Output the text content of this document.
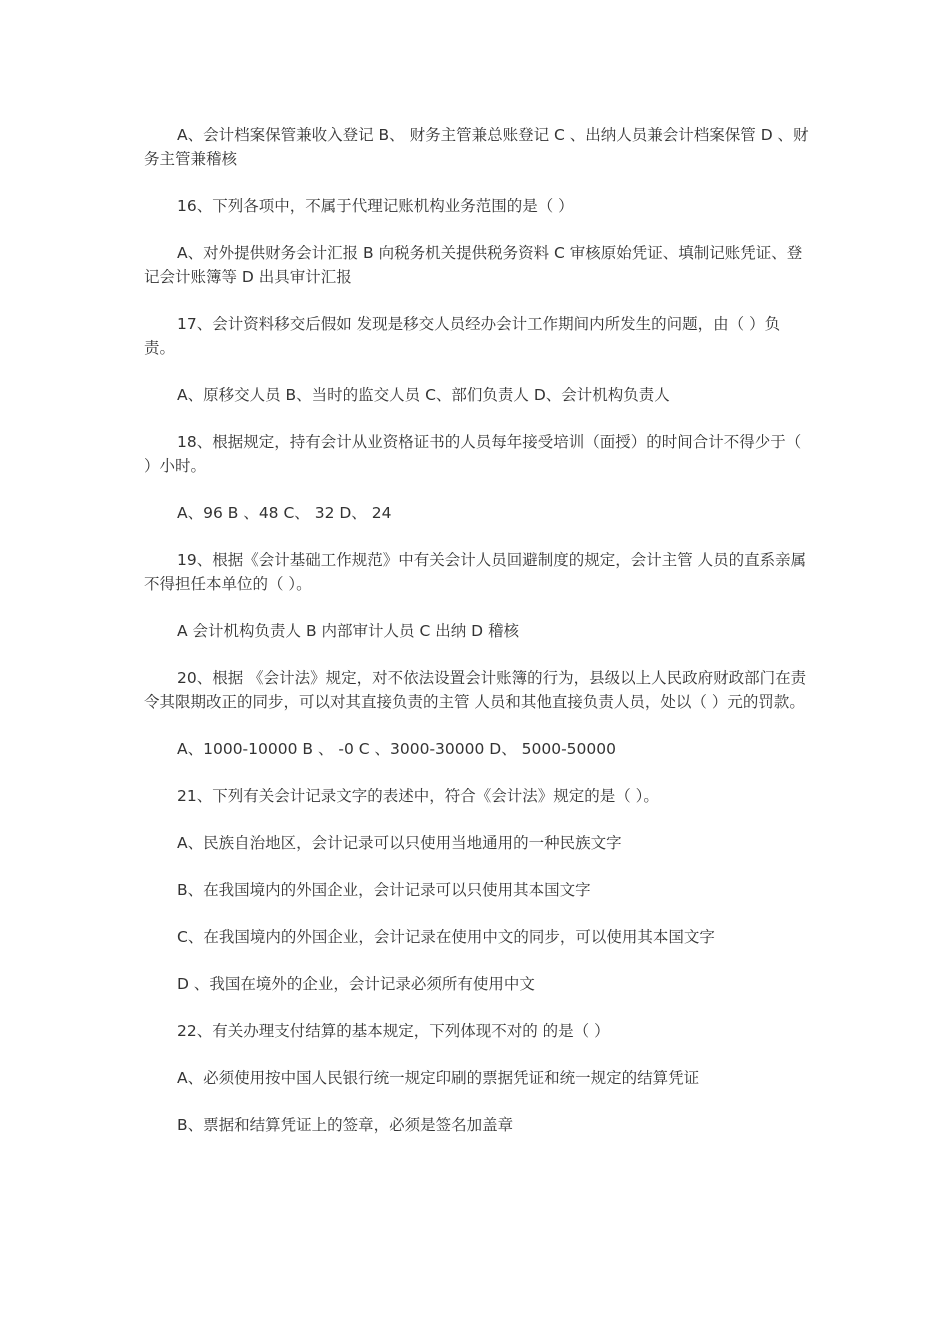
A、会计档案保管兼收入登记 B、 财务主管兼总账登记 C 、出纳人员兼会计档案保管 D 、财务主管兼稽核

16、下列各项中，不属于代理记账机构业务范围的是（ ）

A、对外提供财务会计汇报 B 向税务机关提供税务资料 C 审核原始凭证、填制记账凭证、登记会计账簿等 D 出具审计汇报

17、会计资料移交后假如 发现是移交人员经办会计工作期间内所发生的问题，由（ ）负责。

A、原移交人员 B、当时的监交人员 C、部们负责人 D、会计机构负责人

18、根据规定，持有会计从业资格证书的人员每年接受培训（面授）的时间合计不得少于（ ）小时。

A、96 B 、48 C、 32 D、 24

19、根据《会计基础工作规范》中有关会计人员回避制度的规定，会计主管 人员的直系亲属不得担任本单位的（ ）。

A 会计机构负责人 B 内部审计人员 C 出纳 D 稽核

20、根据 《会计法》规定，对不依法设置会计账簿的行为，县级以上人民政府财政部门在责令其限期改正的同步，可以对其直接负责的主管 人员和其他直接负责人员，处以（ ）元的罚款。

A、1000-10000 B 、 -0 C 、3000-30000 D、 5000-50000

21、下列有关会计记录文字的表述中，符合《会计法》规定的是（ ）。

A、民族自治地区，会计记录可以只使用当地通用的一种民族文字

B、在我国境内的外国企业，会计记录可以只使用其本国文字

C、在我国境内的外国企业，会计记录在使用中文的同步，可以使用其本国文字

D 、我国在境外的企业，会计记录必须所有使用中文

22、有关办理支付结算的基本规定，下列体现不对的 的是（ ）

A、必须使用按中国人民银行统一规定印刷的票据凭证和统一规定的结算凭证

B、票据和结算凭证上的签章，必须是签名加盖章
